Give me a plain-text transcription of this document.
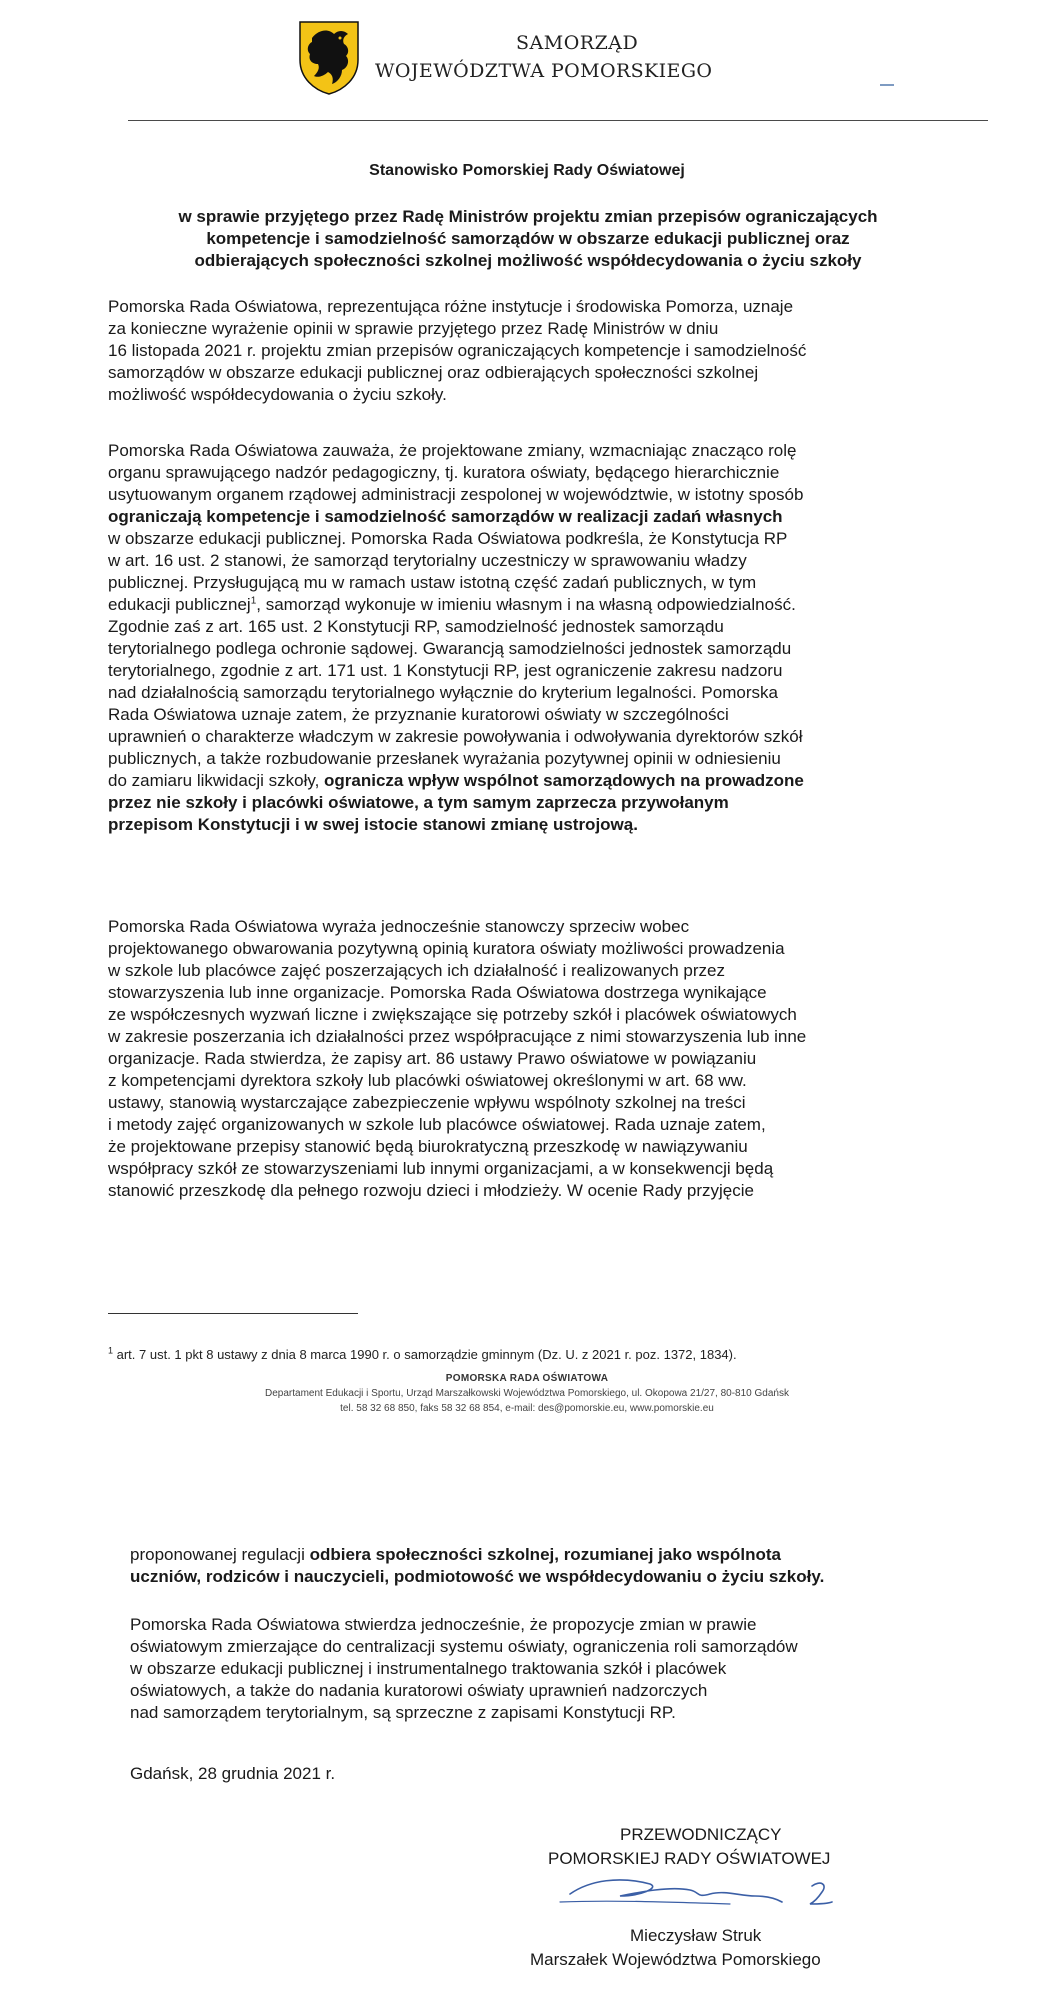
SAMORZĄD
WOJEWÓDZTWA POMORSKIEGO
Stanowisko Pomorskiej Rady Oświatowej
w sprawie przyjętego przez Radę Ministrów projektu zmian przepisów ograniczających
kompetencje i samodzielność samorządów w obszarze edukacji publicznej oraz
odbierających społeczności szkolnej możliwość współdecydowania o życiu szkoły
Pomorska Rada Oświatowa, reprezentująca różne instytucje i środowiska Pomorza, uznaje
za konieczne wyrażenie opinii w sprawie przyjętego przez Radę Ministrów w dniu
16 listopada 2021 r. projektu zmian przepisów ograniczających kompetencje i samodzielność
samorządów w obszarze edukacji publicznej oraz odbierających społeczności szkolnej
możliwość współdecydowania o życiu szkoły.
Pomorska Rada Oświatowa zauważa, że projektowane zmiany, wzmacniając znacząco rolę
organu sprawującego nadzór pedagogiczny, tj. kuratora oświaty, będącego hierarchicznie
usytuowanym organem rządowej administracji zespolonej w województwie, w istotny sposób
ograniczają kompetencje i samodzielność samorządów w realizacji zadań własnych
w obszarze edukacji publicznej. Pomorska Rada Oświatowa podkreśla, że Konstytucja RP
w art. 16 ust. 2 stanowi, że samorząd terytorialny uczestniczy w sprawowaniu władzy
publicznej. Przysługującą mu w ramach ustaw istotną część zadań publicznych, w tym
edukacji publicznej$^1$, samorząd wykonuje w imieniu własnym i na własną odpowiedzialność.
Zgodnie zaś z art. 165 ust. 2 Konstytucji RP, samodzielność jednostek samorządu
terytorialnego podlega ochronie sądowej. Gwarancją samodzielności jednostek samorządu
terytorialnego, zgodnie z art. 171 ust. 1 Konstytucji RP, jest ograniczenie zakresu nadzoru
nad działalnością samorządu terytorialnego wyłącznie do kryterium legalności. Pomorska
Rada Oświatowa uznaje zatem, że przyznanie kuratorowi oświaty w szczególności
uprawnień o charakterze władczym w zakresie powoływania i odwoływania dyrektorów szkół
publicznych, a także rozbudowanie przesłanek wyrażania pozytywnej opinii w odniesieniu
do zamiaru likwidacji szkoły, ogranicza wpływ wspólnot samorządowych na prowadzone
przez nie szkoły i placówki oświatowe, a tym samym zaprzecza przywołanym
przepisom Konstytucji i w swej istocie stanowi zmianę ustrojową.
Pomorska Rada Oświatowa wyraża jednocześnie stanowczy sprzeciw wobec
projektowanego obwarowania pozytywną opinią kuratora oświaty możliwości prowadzenia
w szkole lub placówce zajęć poszerzających ich działalność i realizowanych przez
stowarzyszenia lub inne organizacje. Pomorska Rada Oświatowa dostrzega wynikające
ze współczesnych wyzwań liczne i zwiększające się potrzeby szkół i placówek oświatowych
w zakresie poszerzania ich działalności przez współpracujące z nimi stowarzyszenia lub inne
organizacje. Rada stwierdza, że zapisy art. 86 ustawy Prawo oświatowe w powiązaniu
z kompetencjami dyrektora szkoły lub placówki oświatowej określonymi w art. 68 ww.
ustawy, stanowią wystarczające zabezpieczenie wpływu wspólnoty szkolnej na treści
i metody zajęć organizowanych w szkole lub placówce oświatowej. Rada uznaje zatem,
że projektowane przepisy stanowić będą biurokratyczną przeszkodę w nawiązywaniu
współpracy szkół ze stowarzyszeniami lub innymi organizacjami, a w konsekwencji będą
stanowić przeszkodę dla pełnego rozwoju dzieci i młodzieży. W ocenie Rady przyjęcie
$^1$ art. 7 ust. 1 pkt 8 ustawy z dnia 8 marca 1990 r. o samorządzie gminnym (Dz. U. z 2021 r. poz. 1372, 1834).
POMORSKA RADA OŚWIATOWA
Departament Edukacji i Sportu, Urząd Marszałkowski Województwa Pomorskiego, ul. Okopowa 21/27, 80-810 Gdańsk
tel. 58 32 68 850, faks 58 32 68 854, e-mail: des@pomorskie.eu, www.pomorskie.eu
proponowanej regulacji odbiera społeczności szkolnej, rozumianej jako wspólnota
uczniów, rodziców i nauczycieli, podmiotowość we współdecydowaniu o życiu szkoły.
Pomorska Rada Oświatowa stwierdza jednocześnie, że propozycje zmian w prawie
oświatowym zmierzające do centralizacji systemu oświaty, ograniczenia roli samorządów
w obszarze edukacji publicznej i instrumentalnego traktowania szkół i placówek
oświatowych, a także do nadania kuratorowi oświaty uprawnień nadzorczych
nad samorządem terytorialnym, są sprzeczne z zapisami Konstytucji RP.
Gdańsk, 28 grudnia 2021 r.
PRZEWODNICZĄCY
POMORSKIEJ RADY OŚWIATOWEJ
Mieczysław Struk
Marszałek Województwa Pomorskiego
